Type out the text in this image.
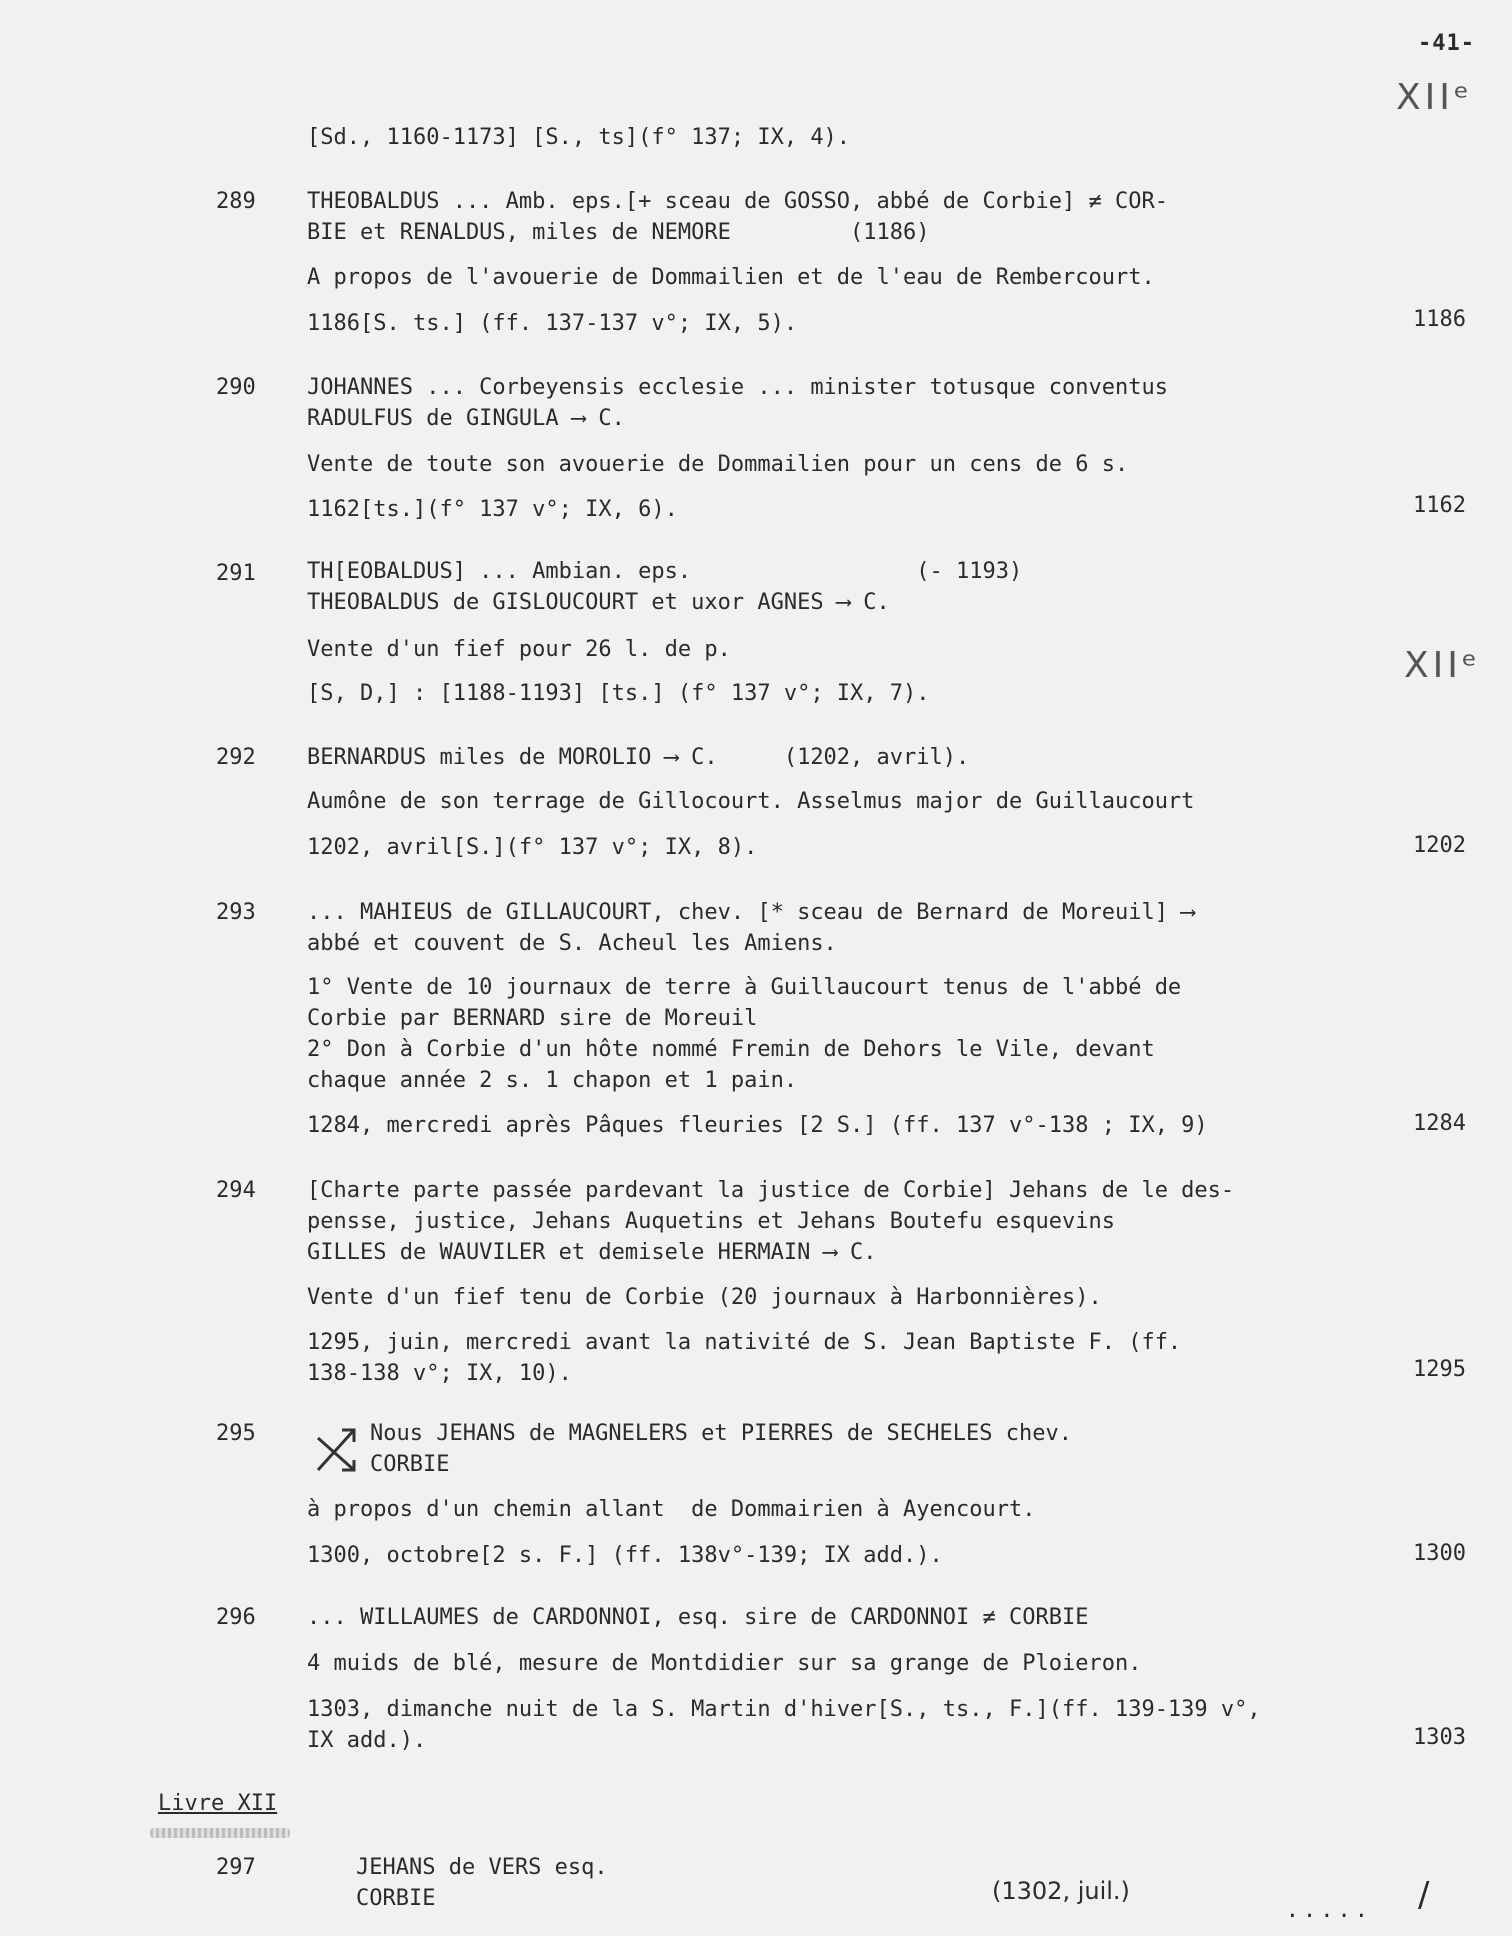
-41-
XIIᵉ
XIIᵉ
[Sd., 1160-1173] [S., ts](f° 137; IX, 4).
289 THEOBALDUS ... Amb. eps.[+ sceau de GOSSO, abbé de Corbie] ≠ COR-
BIE et RENALDUS, miles de NEMORE         (1186)
A propos de l'avouerie de Dommailien et de l'eau de Rembercourt.
1186[S. ts.] (ff. 137-137 v°; IX, 5).	1186
290 JOHANNES ... Corbeyensis ecclesie ... minister totusque conventus
RADULFUS de GINGULA ⟶ C.
Vente de toute son avouerie de Dommailien pour un cens de 6 s.
1162[ts.](f° 137 v°; IX, 6).	1162
291 TH[EOBALDUS] ... Ambian. eps.                 (- 1193)
THEOBALDUS de GISLOUCOURT et uxor AGNES ⟶ C.
Vente d'un fief pour 26 l. de p.
[S, D,] : [1188-1193] [ts.] (f° 137 v°; IX, 7).
292 BERNARDUS miles de MOROLIO ⟶ C.     (1202, avril).
Aumône de son terrage de Gillocourt. Asselmus major de Guillaucourt
1202, avril[S.](f° 137 v°; IX, 8).	1202
293 ... MAHIEUS de GILLAUCOURT, chev. [* sceau de Bernard de Moreuil] ⟶
abbé et couvent de S. Acheul les Amiens.
1° Vente de 10 journaux de terre à Guillaucourt tenus de l'abbé de
Corbie par BERNARD sire de Moreuil
2° Don à Corbie d'un hôte nommé Fremin de Dehors le Vile, devant
chaque année 2 s. 1 chapon et 1 pain.
1284, mercredi après Pâques fleuries [2 S.] (ff. 137 v°-138 ; IX, 9)	1284
294 [Charte parte passée pardevant la justice de Corbie] Jehans de le des-
pensse, justice, Jehans Auquetins et Jehans Boutefu esquevins
GILLES de WAUVILER et demisele HERMAIN ⟶ C.
Vente d'un fief tenu de Corbie (20 journaux à Harbonnières).
1295, juin, mercredi avant la nativité de S. Jean Baptiste F. (ff.
138-138 v°; IX, 10).	1295
295	Nous JEHANS de MAGNELERS et PIERRES de SECHELES chev.
CORBIE
à propos d'un chemin allant  de Dommairien à Ayencourt.
1300, octobre[2 s. F.] (ff. 138v°-139; IX add.).	1300
296 ... WILLAUMES de CARDONNOI, esq. sire de CARDONNOI ≠ CORBIE
4 muids de blé, mesure de Montdidier sur sa grange de Ploieron.
1303, dimanche nuit de la S. Martin d'hiver[S., ts., F.](ff. 139-139 v°,
IX add.).	1303
Livre XII
297	JEHANS de VERS esq.
CORBIE	(1302, juil.)
..... /
